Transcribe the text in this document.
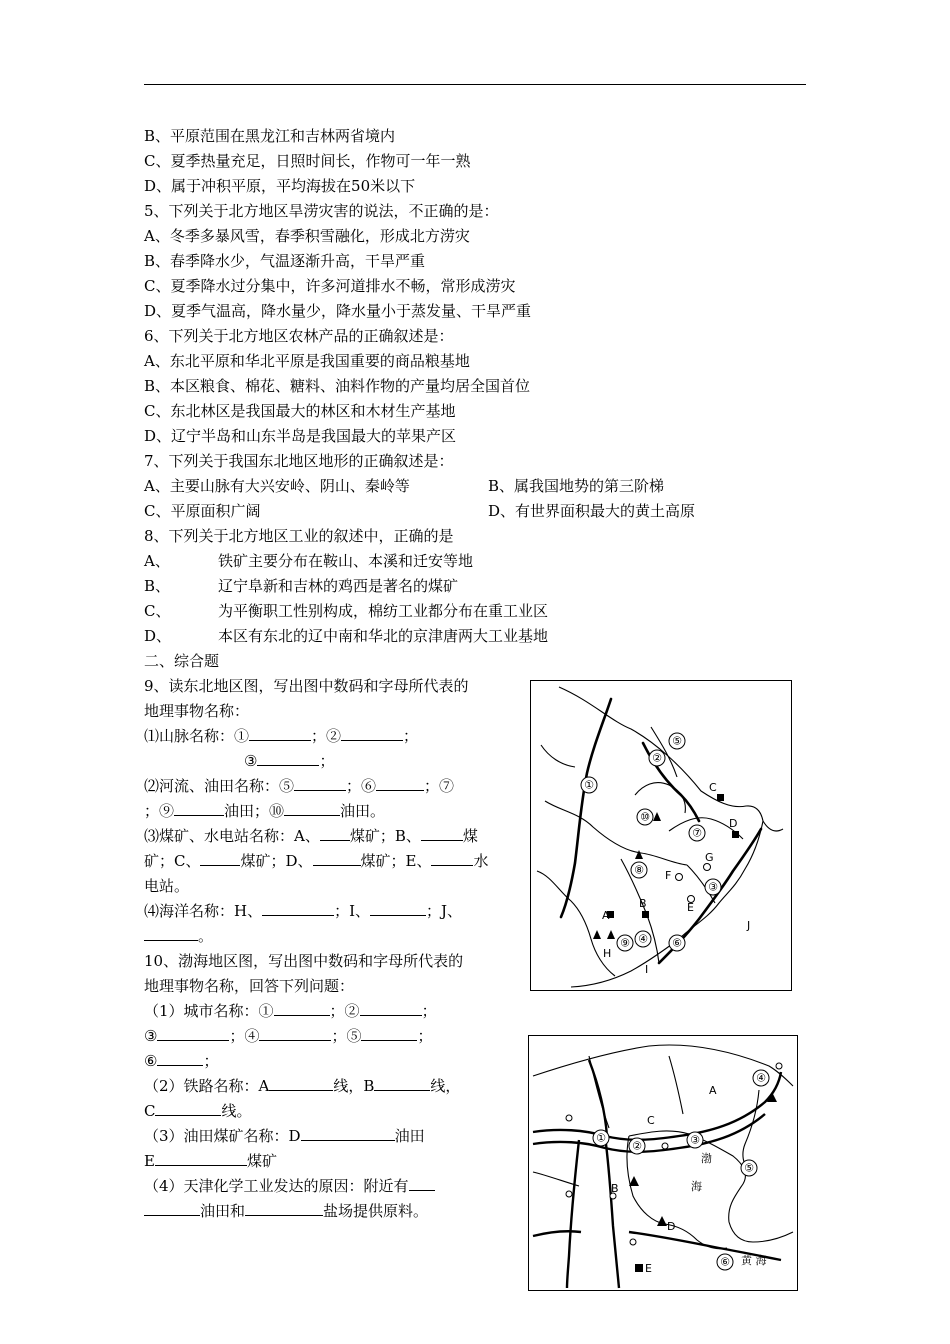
B、平原范围在黑龙江和吉林两省境内
C、夏季热量充足，日照时间长，作物可一年一熟
D、属于冲积平原，平均海拔在50米以下
5、下列关于北方地区旱涝灾害的说法，不正确的是：
A、冬季多暴风雪，春季积雪融化，形成北方涝灾
B、春季降水少，气温逐渐升高，干旱严重
C、夏季降水过分集中，许多河道排水不畅，常形成涝灾
D、夏季气温高，降水量少，降水量小于蒸发量、干旱严重
6、下列关于北方地区农林产品的正确叙述是：
A、东北平原和华北平原是我国重要的商品粮基地
B、本区粮食、棉花、糖料、油料作物的产量均居全国首位
C、东北林区是我国最大的林区和木材生产基地
D、辽宁半岛和山东半岛是我国最大的苹果产区
7、下列关于我国东北地区地形的正确叙述是：
A、主要山脉有大兴安岭、阴山、秦岭等	B、属我国地势的第三阶梯
C、平原面积广阔	D、有世界面积最大的黄土高原
8、下列关于北方地区工业的叙述中，正确的是
A、	铁矿主要分布在鞍山、本溪和迁安等地
B、	辽宁阜新和吉林的鸡西是著名的煤矿
C、	为平衡职工性别构成，棉纺工业都分布在重工业区
D、	本区有东北的辽中南和华北的京津唐两大工业基地
二、综合题
9、读东北地区图，写出图中数码和字母所代表的
地理事物名称：
⑴山脉名称：①	；②	；
③	；
⑵河流、油田名称：⑤	；⑥	；⑦
；⑨	油田；⑩	油田。
⑶煤矿、水电站名称：A、 煤矿；B、	煤
矿；C、	煤矿；D、	煤矿；E、	水
电站。
⑷海洋名称：H、	；I、	；J、
。
10、渤海地区图，写出图中数码和字母所代表的
地理事物名称，回答下列问题：
（1）城市名称：①	；②	；
③	；④	；⑤	；
⑥	；
（2）铁路名称：A	线，B	线，
C	线。
（3）油田煤矿名称：D	油田
E	煤矿
（4）天津化学工业发达的原因：附近有
油田和	盐场提供原料。
①
②
③
④
⑤
⑥
⑦
⑧
⑨
⑩
A
B
C
D
E
F
G
H
I
J
①
②	③
④
⑤
⑥
A
B
C
D
E
渤
海
黄 海
